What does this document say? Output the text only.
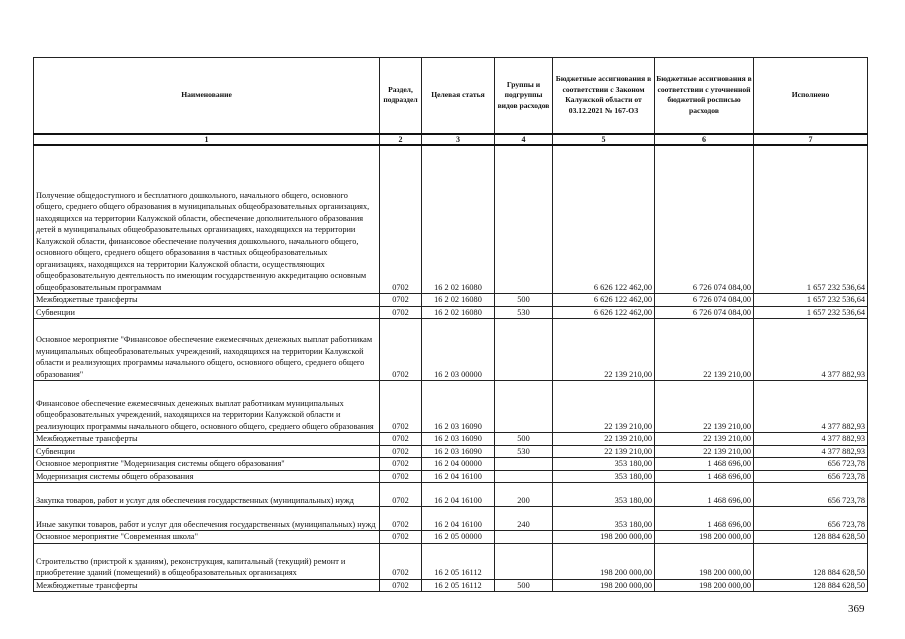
Наименование	Раздел, подраздел	Целевая статья	Группы и подгруппы видов расходов	Бюджетные ассигнования в соответствии с Законом Калужской области от 03.12.2021 № 167-ОЗ	Бюджетные ассигнования в соответствии с уточненной бюджетной росписью расходов	Исполнено
1	2	3	4	5	6	7
Получение общедоступного и бесплатного дошкольного, начального общего, основного общего, среднего общего образования в муниципальных общеобразовательных организациях, находящихся на территории Калужской области, обеспечение дополнительного образования детей в муниципальных общеобразовательных организациях, находящихся на территории Калужской области, финансовое обеспечение получения дошкольного, начального общего, основного общего, среднего общего образования в частных общеобразовательных организациях, находящихся на территории Калужской области, осуществляющих общеобразовательную деятельность по имеющим государственную аккредитацию основным общеобразовательным программам	0702	16 2 02 16080		6 626 122 462,00	6 726 074 084,00	1 657 232 536,64
Межбюджетные трансферты	0702	16 2 02 16080	500	6 626 122 462,00	6 726 074 084,00	1 657 232 536,64
Субвенции	0702	16 2 02 16080	530	6 626 122 462,00	6 726 074 084,00	1 657 232 536,64
Основное мероприятие "Финансовое обеспечение ежемесячных денежных выплат работникам муниципальных общеобразовательных учреждений, находящихся на территории Калужской области и реализующих программы начального общего, основного общего, среднего общего образования"	0702	16 2 03 00000		22 139 210,00	22 139 210,00	4 377 882,93
Финансовое обеспечение ежемесячных денежных выплат работникам муниципальных общеобразовательных учреждений, находящихся на территории Калужской области и реализующих программы начального общего, основного общего, среднего общего образования	0702	16 2 03 16090		22 139 210,00	22 139 210,00	4 377 882,93
Межбюджетные трансферты	0702	16 2 03 16090	500	22 139 210,00	22 139 210,00	4 377 882,93
Субвенции	0702	16 2 03 16090	530	22 139 210,00	22 139 210,00	4 377 882,93
Основное мероприятие "Модернизация системы общего образования"	0702	16 2 04 00000		353 180,00	1 468 696,00	656 723,78
Модернизация системы общего образования	0702	16 2 04 16100		353 180,00	1 468 696,00	656 723,78
Закупка товаров, работ и услуг для обеспечения государственных (муниципальных) нужд	0702	16 2 04 16100	200	353 180,00	1 468 696,00	656 723,78
Иные закупки товаров, работ и услуг для обеспечения государственных (муниципальных) нужд	0702	16 2 04 16100	240	353 180,00	1 468 696,00	656 723,78
Основное мероприятие "Современная школа"	0702	16 2 05 00000		198 200 000,00	198 200 000,00	128 884 628,50
Строительство (пристрой к зданиям), реконструкция, капитальный (текущий) ремонт и приобретение зданий (помещений) в общеобразовательных организациях	0702	16 2 05 16112		198 200 000,00	198 200 000,00	128 884 628,50
Межбюджетные трансферты	0702	16 2 05 16112	500	198 200 000,00	198 200 000,00	128 884 628,50
369
